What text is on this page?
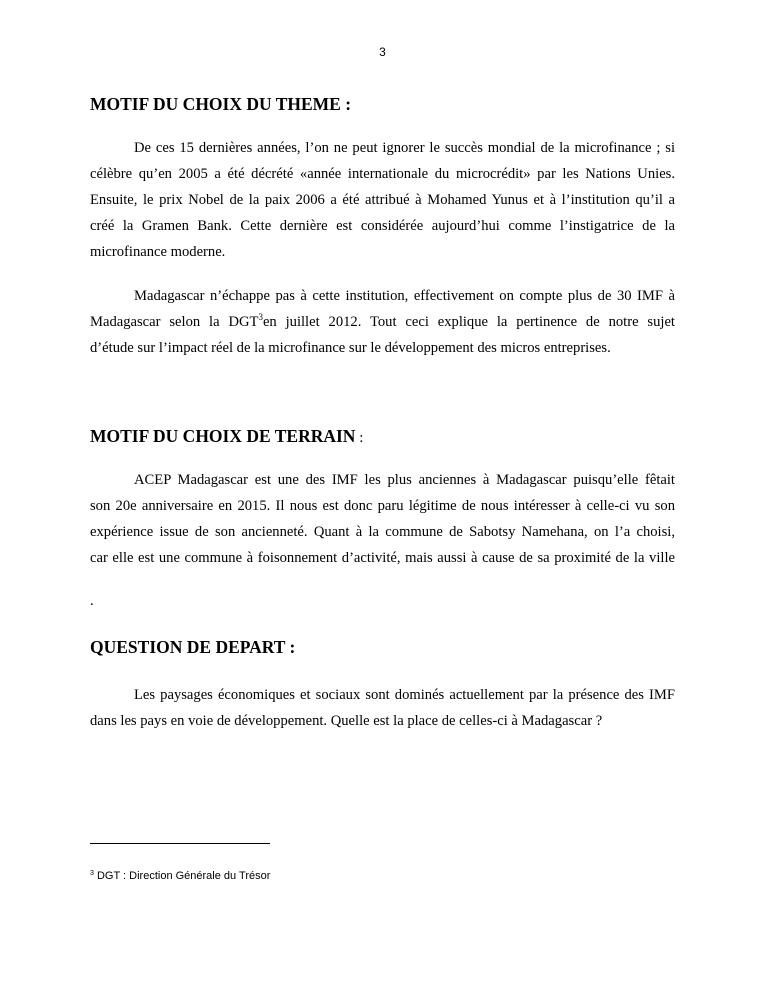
3
MOTIF DU CHOIX DU THEME :

De ces 15 dernières années, l’on ne peut ignorer le succès mondial de la microfinance ; si
célèbre qu’en 2005 a été décrété «année internationale du microcrédit» par les Nations Unies.
Ensuite, le prix Nobel de la paix 2006 a été attribué à Mohamed Yunus et à l’institution qu’il a
créé la Gramen Bank. Cette dernière est considérée aujourd’hui comme l’instigatrice de la
microfinance moderne.

Madagascar n’échappe pas à cette institution, effectivement on compte plus de 30 IMF à
Madagascar selon la DGT$^3$en juillet 2012. Tout ceci explique la pertinence de notre sujet
d’étude sur l’impact réel de la microfinance sur le développement des micros entreprises.

MOTIF DU CHOIX DE TERRAIN :

ACEP Madagascar est une des IMF les plus anciennes à Madagascar puisqu’elle fêtait
son 20e anniversaire en 2015. Il nous est donc paru légitime de nous intéresser à celle-ci vu son
expérience issue de son ancienneté. Quant à la commune de Sabotsy Namehana, on l’a choisi,
car elle est une commune à foisonnement d’activité, mais aussi à cause de sa proximité de la ville

.

QUESTION DE DEPART :

Les paysages économiques et sociaux sont dominés actuellement par la présence des IMF
dans les pays en voie de développement. Quelle est la place de celles-ci à Madagascar ?

$^3$ DGT : Direction Générale du Trésor
